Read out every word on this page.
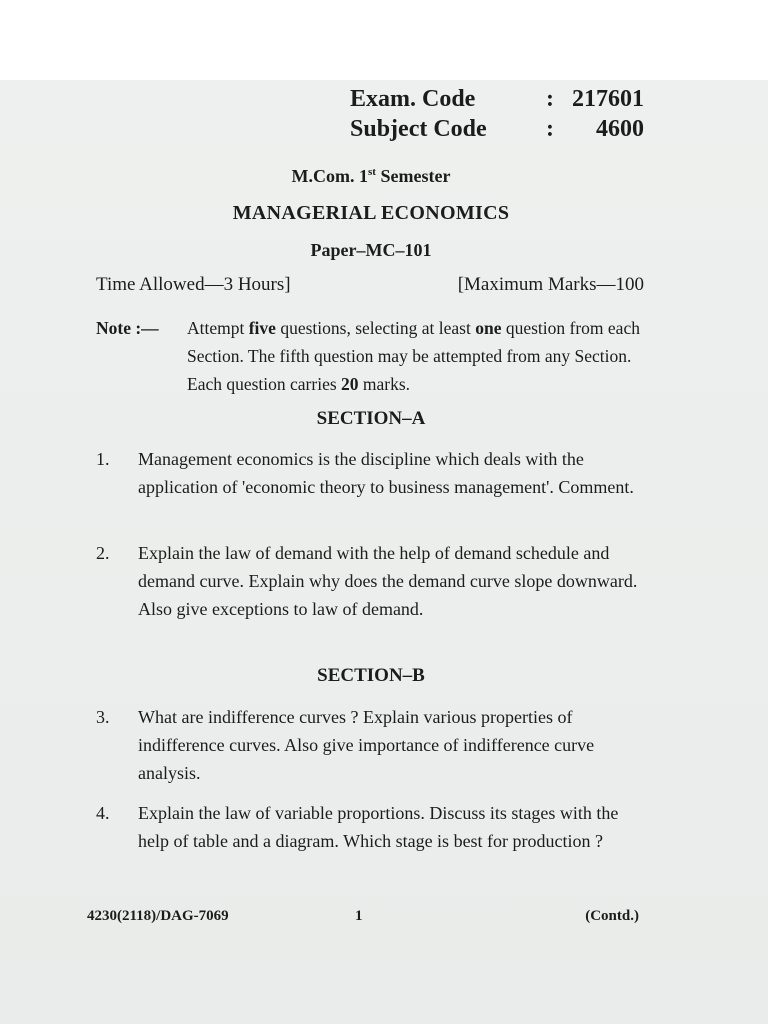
Exam. Code	: 217601
Subject Code	:	4600
M.Com. 1st Semester
MANAGERIAL ECONOMICS
Paper–MC–101
Time Allowed—3 Hours]	[Maximum Marks—100
Note :— Attempt five questions, selecting at least one question from each Section. The fifth question may be attempted from any Section. Each question carries 20 marks.
SECTION–A
1.	Management economics is the discipline which deals with the application of 'economic theory to business management'. Comment.
2.	Explain the law of demand with the help of demand schedule and demand curve. Explain why does the demand curve slope downward. Also give exceptions to law of demand.
SECTION–B
3.	What are indifference curves ? Explain various properties of indifference curves. Also give importance of indifference curve analysis.
4.	Explain the law of variable proportions. Discuss its stages with the help of table and a diagram. Which stage is best for production ?
4230(2118)/DAG-7069	1	(Contd.)
